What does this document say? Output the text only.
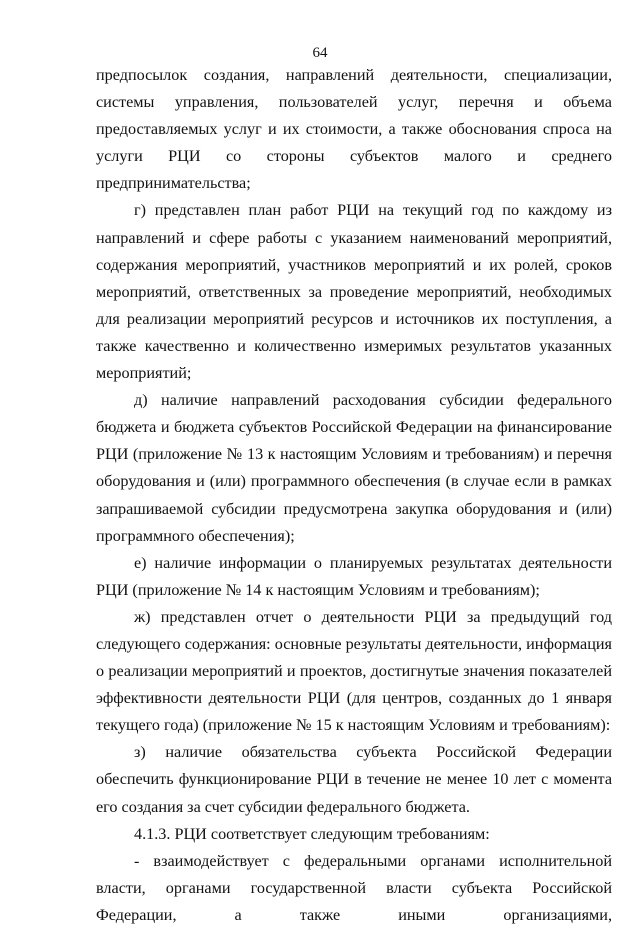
64

предпосылок создания, направлений деятельности, специализации, системы управления, пользователей услуг, перечня и объема предоставляемых услуг и их стоимости, а также обоснования спроса на услуги РЦИ со стороны субъектов малого и среднего предпринимательства;

г) представлен план работ РЦИ на текущий год по каждому из направлений и сфере работы с указанием наименований мероприятий, содержания мероприятий, участников мероприятий и их ролей, сроков мероприятий, ответственных за проведение мероприятий, необходимых для реализации мероприятий ресурсов и источников их поступления, а также качественно и количественно измеримых результатов указанных мероприятий;

д) наличие направлений расходования субсидии федерального бюджета и бюджета субъектов Российской Федерации на финансирование РЦИ (приложение № 13 к настоящим Условиям и требованиям) и перечня оборудования и (или) программного обеспечения (в случае если в рамках запрашиваемой субсидии предусмотрена закупка оборудования и (или) программного обеспечения);

е) наличие информации о планируемых результатах деятельности РЦИ (приложение № 14 к настоящим Условиям и требованиям);

ж) представлен отчет о деятельности РЦИ за предыдущий год следующего содержания: основные результаты деятельности, информация о реализации мероприятий и проектов, достигнутые значения показателей эффективности деятельности РЦИ (для центров, созданных до 1 января текущего года) (приложение № 15 к настоящим Условиям и требованиям):

з) наличие обязательства субъекта Российской Федерации обеспечить функционирование РЦИ в течение не менее 10 лет с момента его создания за счет субсидии федерального бюджета.

4.1.3. РЦИ соответствует следующим требованиям:

- взаимодействует с федеральными органами исполнительной власти, органами государственной власти субъекта Российской Федерации, а также иными организациями,
